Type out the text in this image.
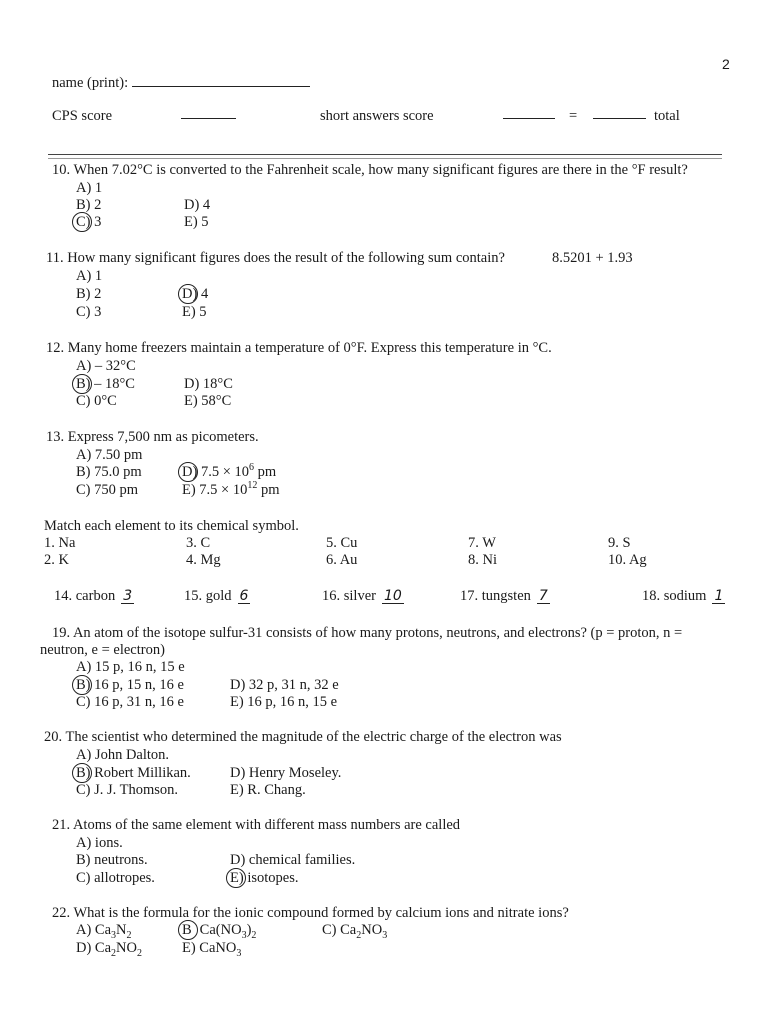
2
name (print):
CPS score	short answers score	=	total
10. When 7.02°C is converted to the Fahrenheit scale, how many significant figures are there in the °F result?
A) 1
B) 2
C) 3
D) 4
E) 5
11. How many significant figures does the result of the following sum contain?	8.5201 + 1.93
A) 1
B) 2
C) 3
D) 4
E) 5
12. Many home freezers maintain a temperature of 0°F. Express this temperature in °C.
A) – 32°C
B) – 18°C
C) 0°C
D) 18°C
E) 58°C
13. Express 7,500 nm as picometers.
A) 7.50 pm
B) 75.0 pm
C) 750 pm
D) $7.5 \times 10^6$ pm
E) $7.5 \times 10^{12}$ pm
Match each element to its chemical symbol.
1. Na
2. K
3. C
4. Mg
5. Cu
6. Au
7. W
8. Ni
9. S
10. Ag
14. carbon 3	15. gold 6	16. silver 10	17. tungsten 7	18. sodium 1
19. An atom of the isotope sulfur-31 consists of how many protons, neutrons, and electrons? (p = proton, n =
neutron, e = electron)
A) 15 p, 16 n, 15 e
B) 16 p, 15 n, 16 e
C) 16 p, 31 n, 16 e
D) 32 p, 31 n, 32 e
E) 16 p, 16 n, 15 e
20. The scientist who determined the magnitude of the electric charge of the electron was
A) John Dalton.
B) Robert Millikan.
C) J. J. Thomson.
D) Henry Moseley.
E) R. Chang.
21. Atoms of the same element with different mass numbers are called
A) ions.
B) neutrons.
C) allotropes.
D) chemical families.
E) isotopes.
22. What is the formula for the ionic compound formed by calcium ions and nitrate ions?
A) $Ca_3N_2$	B $Ca(NO_3)_2$	C) $Ca_2NO_3$
D) $Ca_2NO_2$	E) CaNO$_3$
